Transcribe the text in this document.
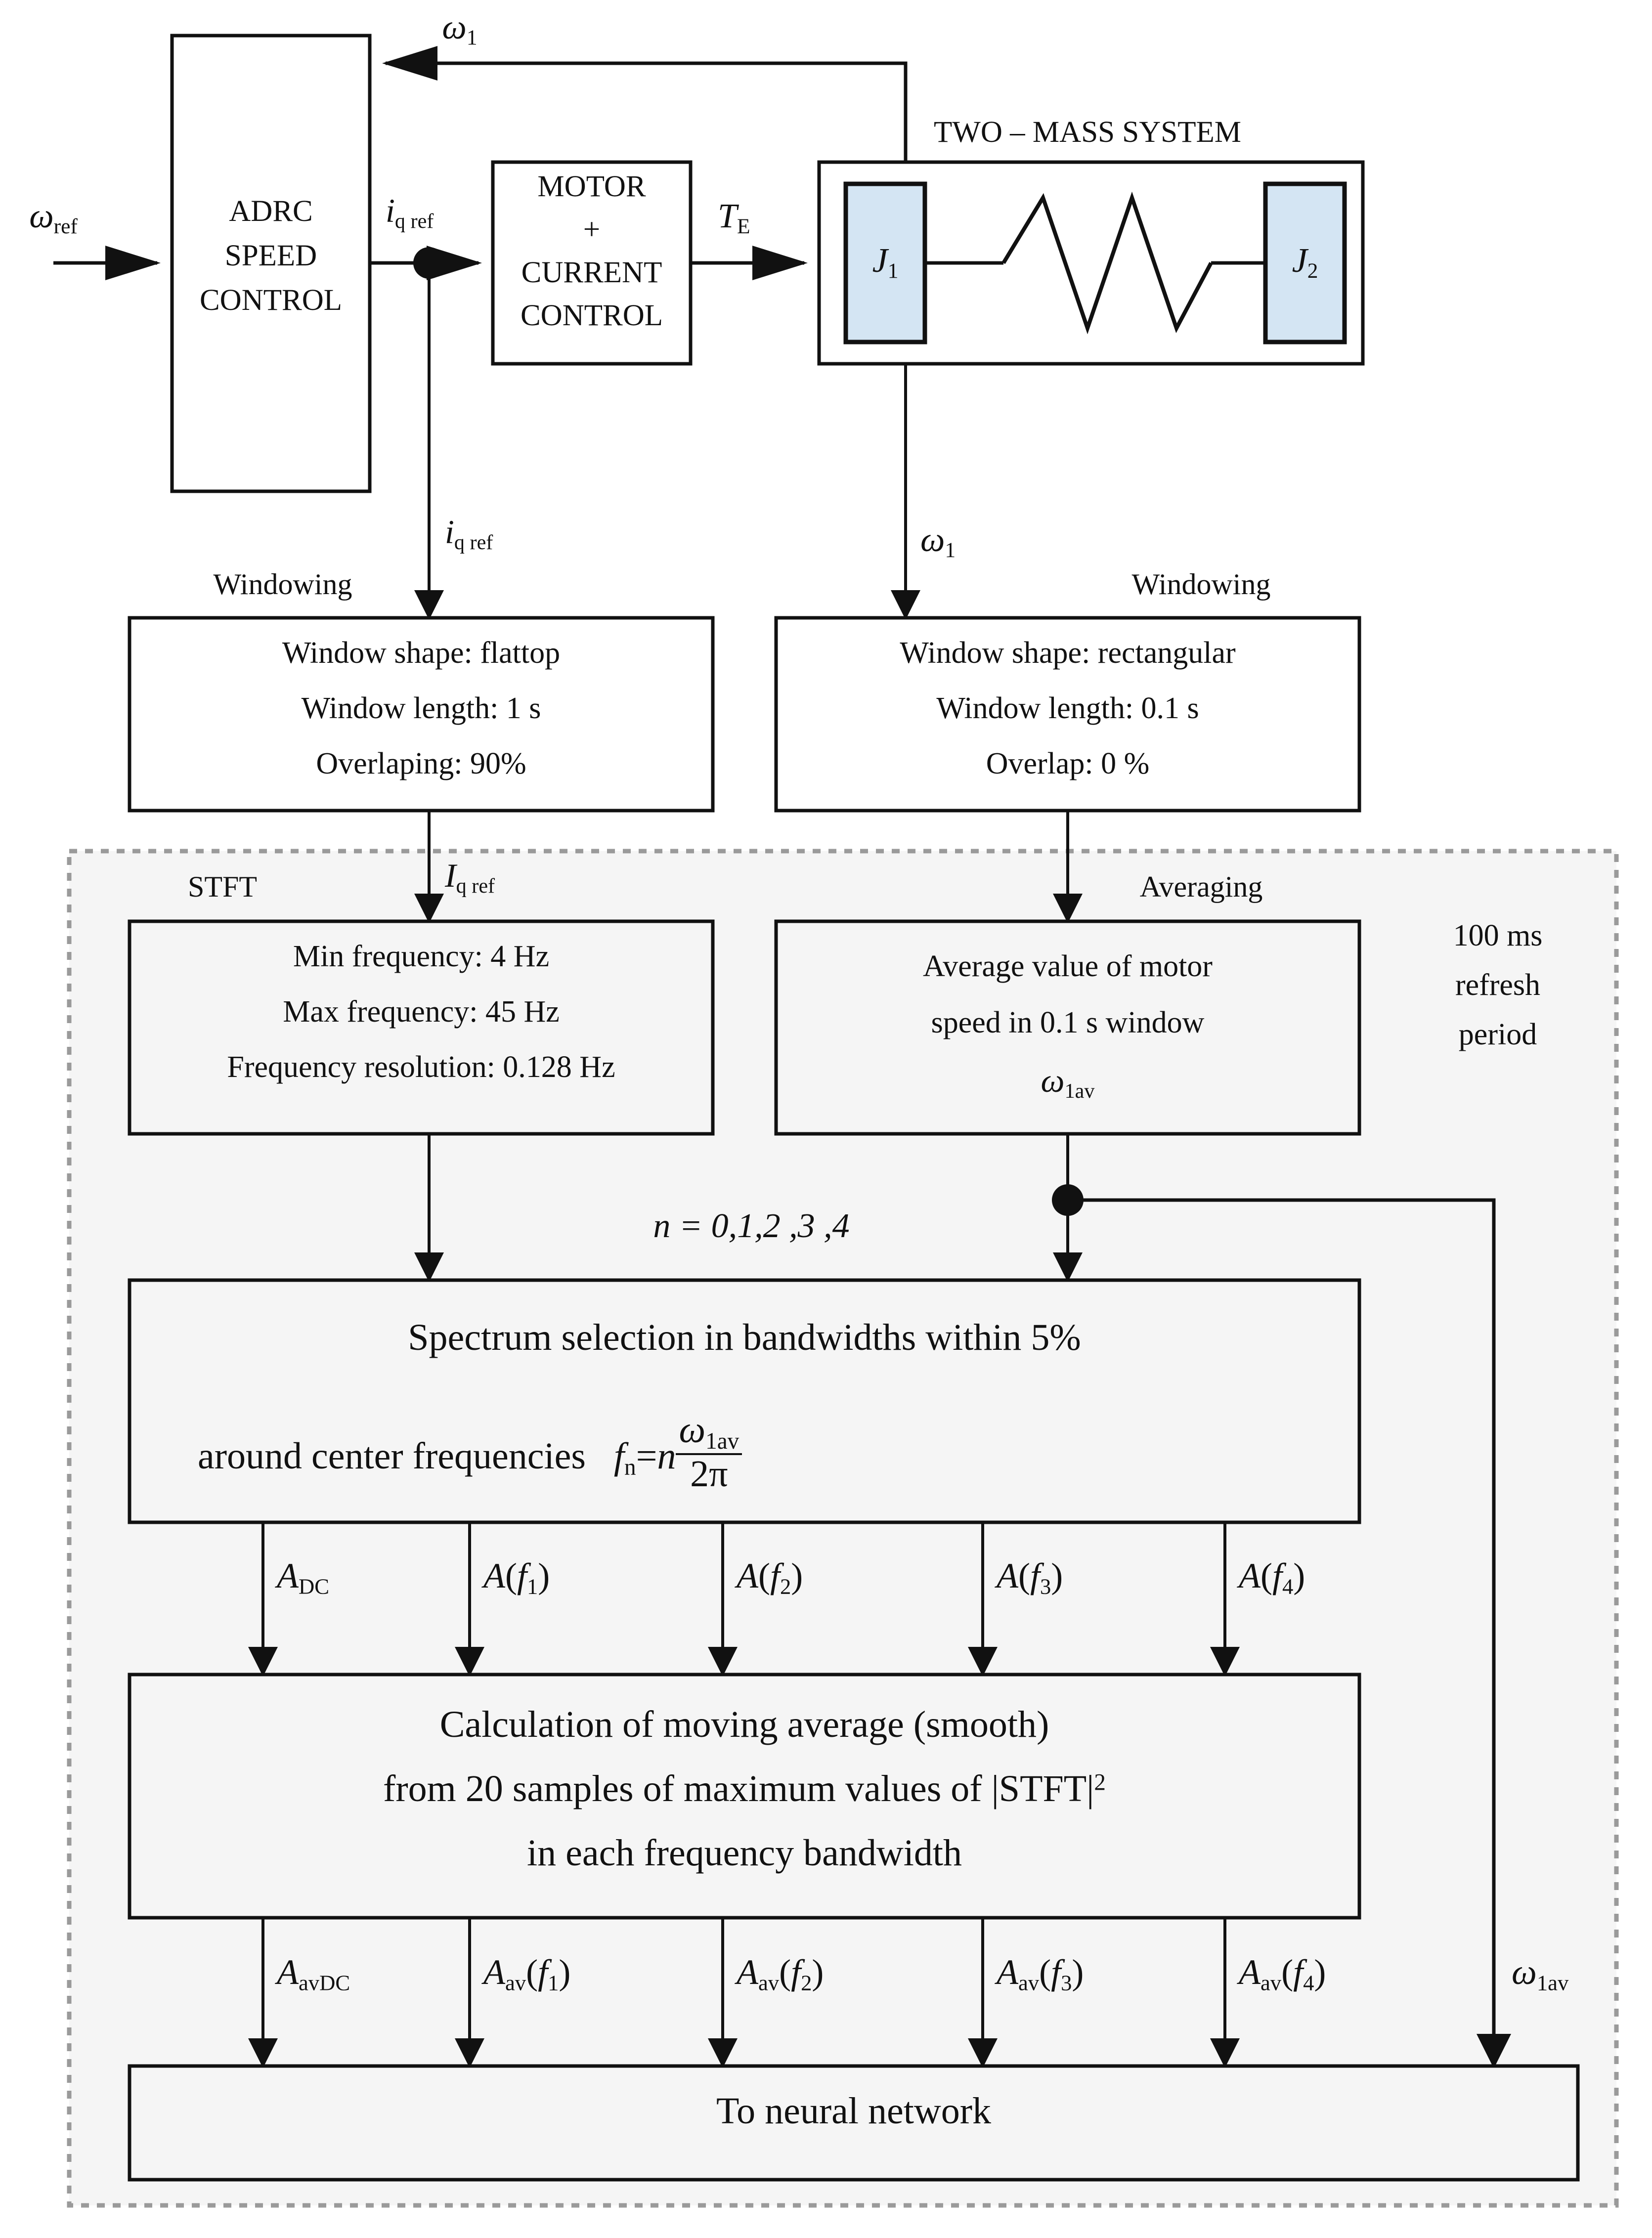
TWO – MASS SYSTEM
ADRC
SPEED
CONTROL
MOTOR
+
CURRENT
CONTROL
$J_1$	$J_2$
$\omega_{ref}$
$\omega_1$
$i_{q ref}$	$T_E$
$i_{q ref}$	$\omega_1$
Windowing	Windowing
Window shape: flattop
Window length: 1 s
Overlaping: 90%
Window shape: rectangular
Window length: 0.1 s
Overlap: 0 %
STFT	Averaging
$I_{q ref}$
Min frequency: 4 Hz
Max frequency: 45 Hz
Frequency resolution: 0.128 Hz
Average value of motor
speed in 0.1 s window
$\omega_{1av}$
100 ms
refresh
period
n = 0,1,2 ,3 ,4
Spectrum selection in bandwidths within 5%
around center frequencies $f_n=n \frac{\omega_{1av}}{2\pi}$
$A_{DC}$	$A(f_1)$	$A(f_2)$	$A(f_3)$	$A(f_4)$
Calculation of moving average (smooth)
from 20 samples of maximum values of $|STFT|^2$
in each frequency bandwidth
$A_{avDC}$	$A_{av}(f_1)$	$A_{av}(f_2)$	$A_{av}(f_3)$	$A_{av}(f_4)$	$\omega_{1av}$
To neural network
